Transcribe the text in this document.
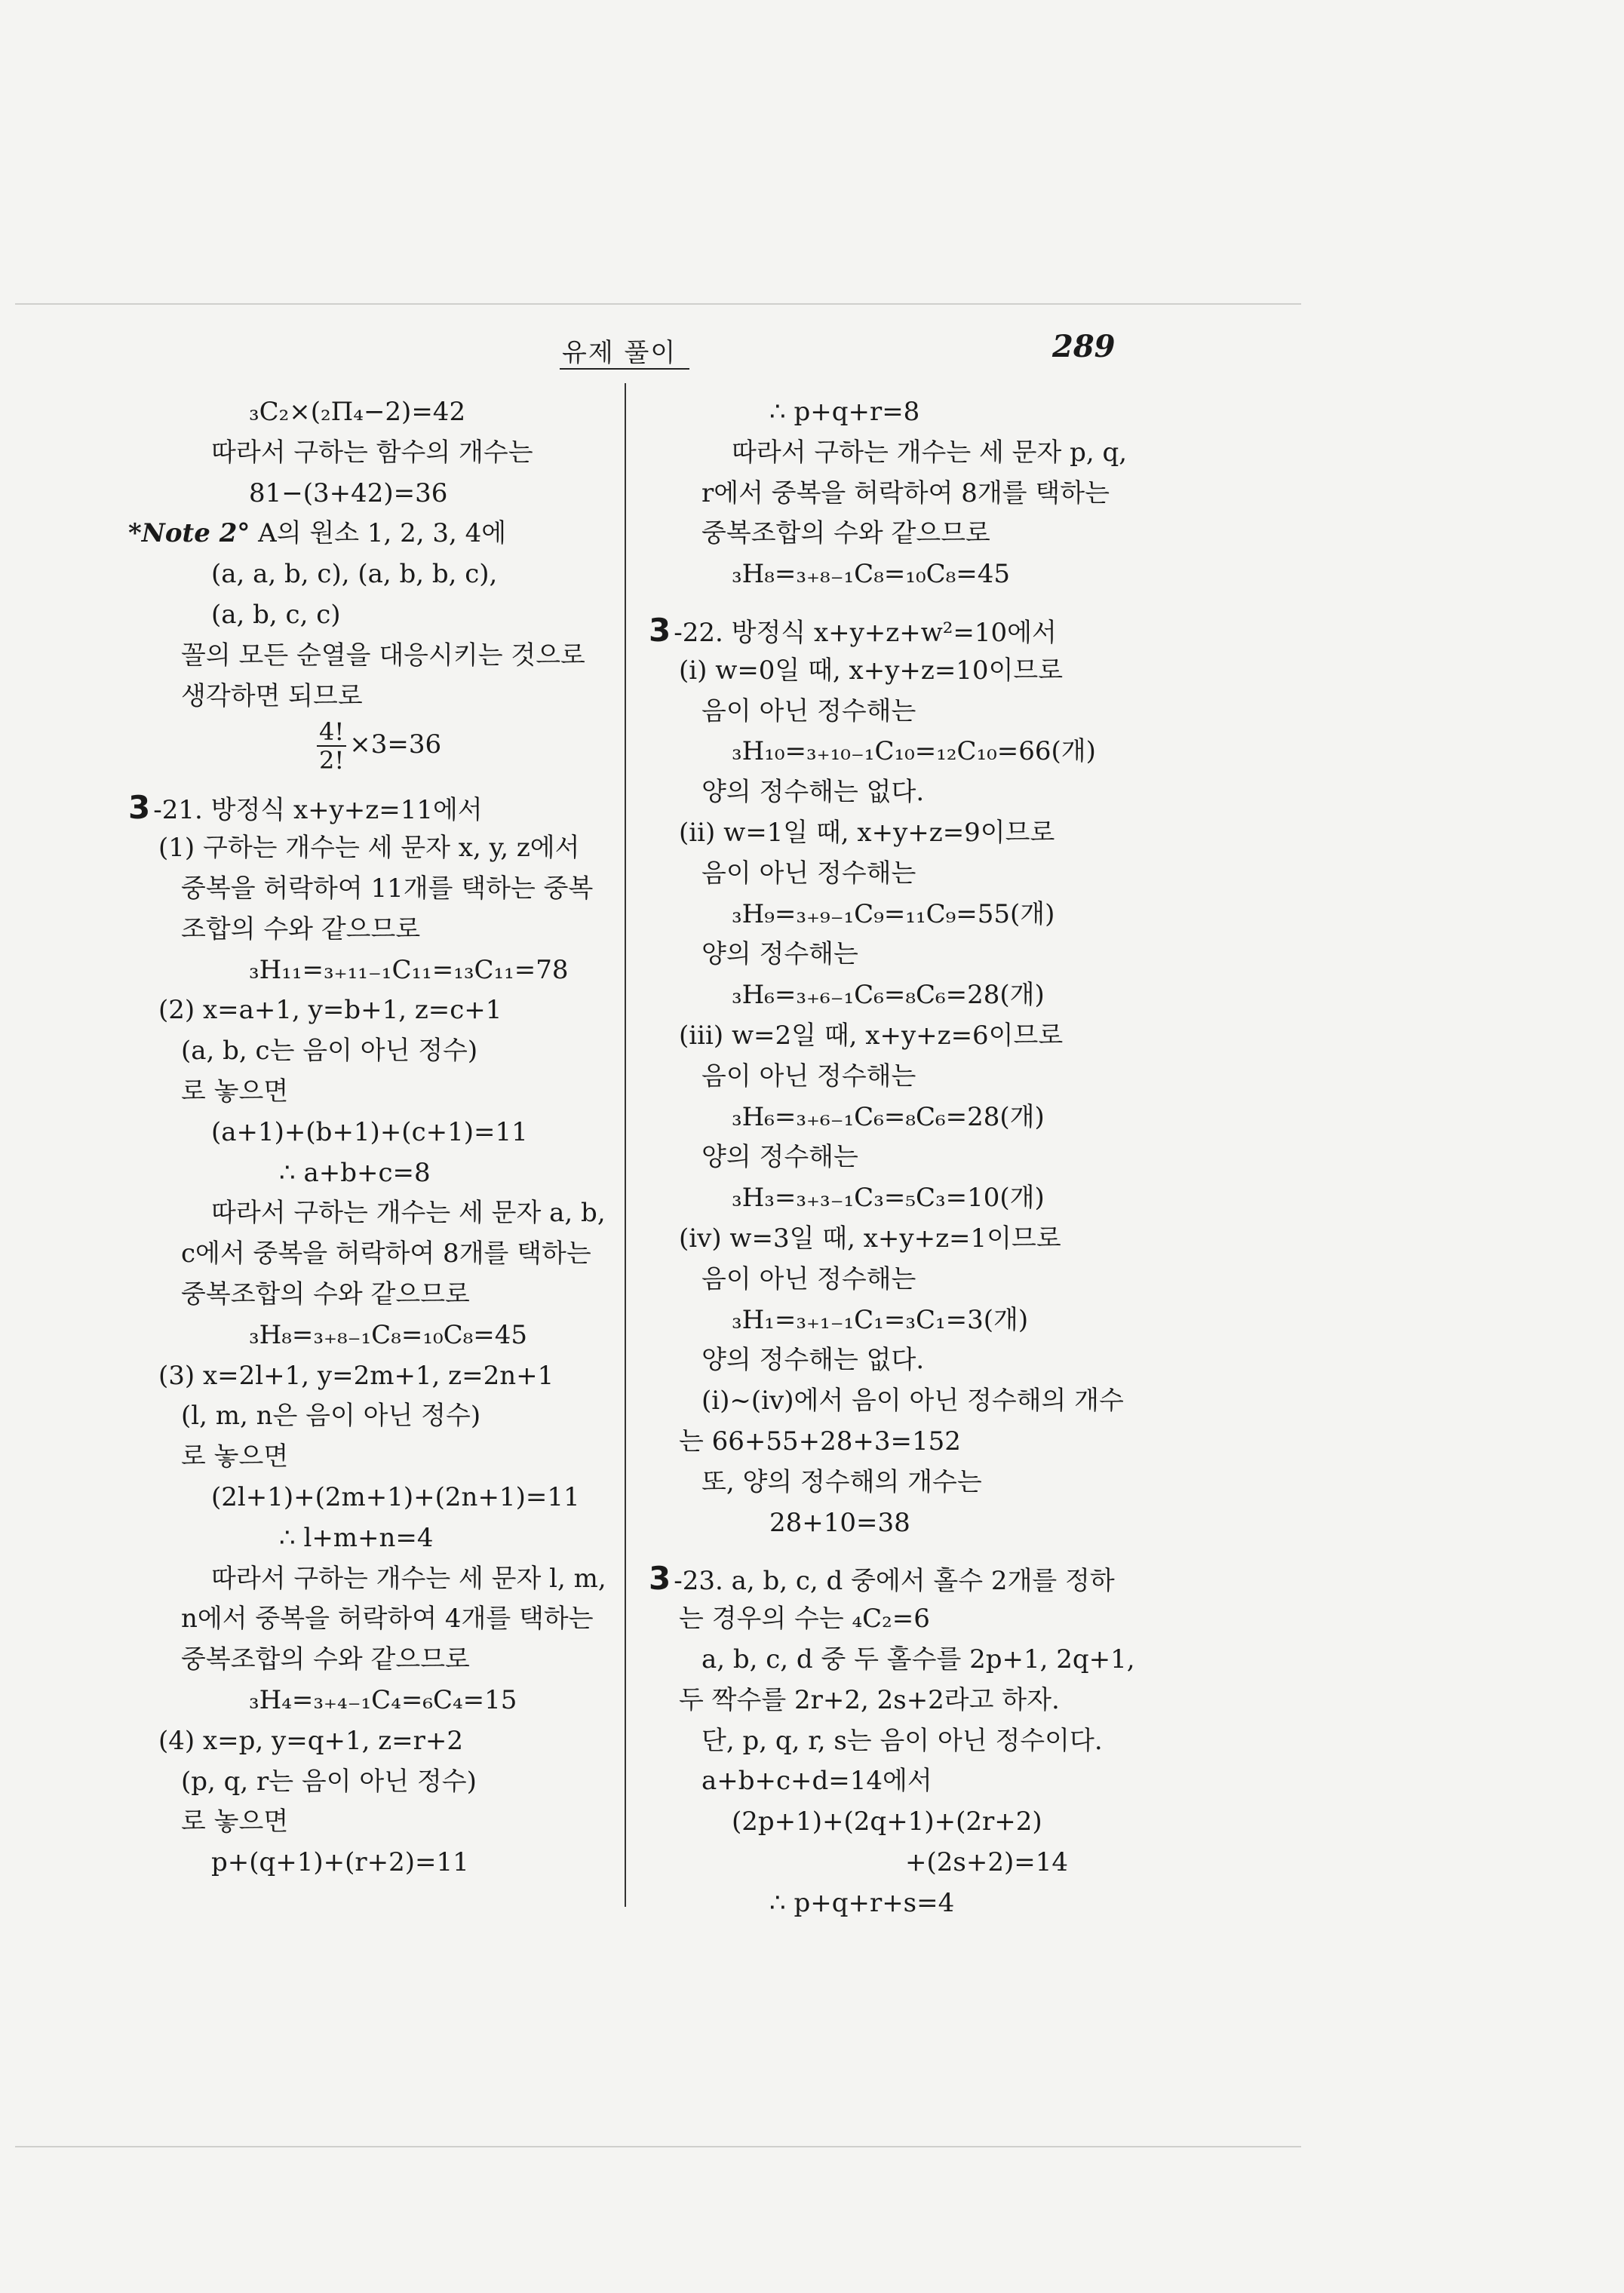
유제 풀이	289
₃C₂×(₂Π₄−2)=42
따라서 구하는 함수의 개수는
81−(3+42)=36
*Note 2° A의 원소 1, 2, 3, 4에
(a, a, b, c), (a, b, b, c),
(a, b, c, c)
꼴의 모든 순열을 대응시키는 것으로
생각하면 되므로
$\frac{4!}{2!} \times 3=36$
3 -21. 방정식 x+y+z=11에서
(1) 구하는 개수는 세 문자 x, y, z에서
중복을 허락하여 11개를 택하는 중복
조합의 수와 같으므로
₃H₁₁=₃₊₁₁₋₁C₁₁=₁₃C₁₁=78
(2) x=a+1, y=b+1, z=c+1
(a, b, c는 음이 아닌 정수)
로 놓으면
(a+1)+(b+1)+(c+1)=11
∴ a+b+c=8
따라서 구하는 개수는 세 문자 a, b,
c에서 중복을 허락하여 8개를 택하는
중복조합의 수와 같으므로
₃H₈=₃₊₈₋₁C₈=₁₀C₈=45
(3) x=2l+1, y=2m+1, z=2n+1
(l, m, n은 음이 아닌 정수)
로 놓으면
(2l+1)+(2m+1)+(2n+1)=11
∴ l+m+n=4
따라서 구하는 개수는 세 문자 l, m,
n에서 중복을 허락하여 4개를 택하는
중복조합의 수와 같으므로
₃H₄=₃₊₄₋₁C₄=₆C₄=15
(4) x=p, y=q+1, z=r+2
(p, q, r는 음이 아닌 정수)
로 놓으면
p+(q+1)+(r+2)=11
∴ p+q+r=8
따라서 구하는 개수는 세 문자 p, q,
r에서 중복을 허락하여 8개를 택하는
중복조합의 수와 같으므로
₃H₈=₃₊₈₋₁C₈=₁₀C₈=45
3 -22. 방정식 x+y+z+w²=10에서
(ⅰ) w=0일 때, x+y+z=10이므로
음이 아닌 정수해는
₃H₁₀=₃₊₁₀₋₁C₁₀=₁₂C₁₀=66(개)
양의 정수해는 없다.
(ⅱ) w=1일 때, x+y+z=9이므로
음이 아닌 정수해는
₃H₉=₃₊₉₋₁C₉=₁₁C₉=55(개)
양의 정수해는
₃H₆=₃₊₆₋₁C₆=₈C₆=28(개)
(ⅲ) w=2일 때, x+y+z=6이므로
음이 아닌 정수해는
₃H₆=₃₊₆₋₁C₆=₈C₆=28(개)
양의 정수해는
₃H₃=₃₊₃₋₁C₃=₅C₃=10(개)
(ⅳ) w=3일 때, x+y+z=1이므로
음이 아닌 정수해는
₃H₁=₃₊₁₋₁C₁=₃C₁=3(개)
양의 정수해는 없다.
(ⅰ)~(ⅳ)에서 음이 아닌 정수해의 개수
는 66+55+28+3=152
또, 양의 정수해의 개수는
28+10=38
3 -23. a, b, c, d 중에서 홀수 2개를 정하
는 경우의 수는 ₄C₂=6
a, b, c, d 중 두 홀수를 2p+1, 2q+1,
두 짝수를 2r+2, 2s+2라고 하자.
단, p, q, r, s는 음이 아닌 정수이다.
a+b+c+d=14에서
(2p+1)+(2q+1)+(2r+2)
+(2s+2)=14
∴ p+q+r+s=4
